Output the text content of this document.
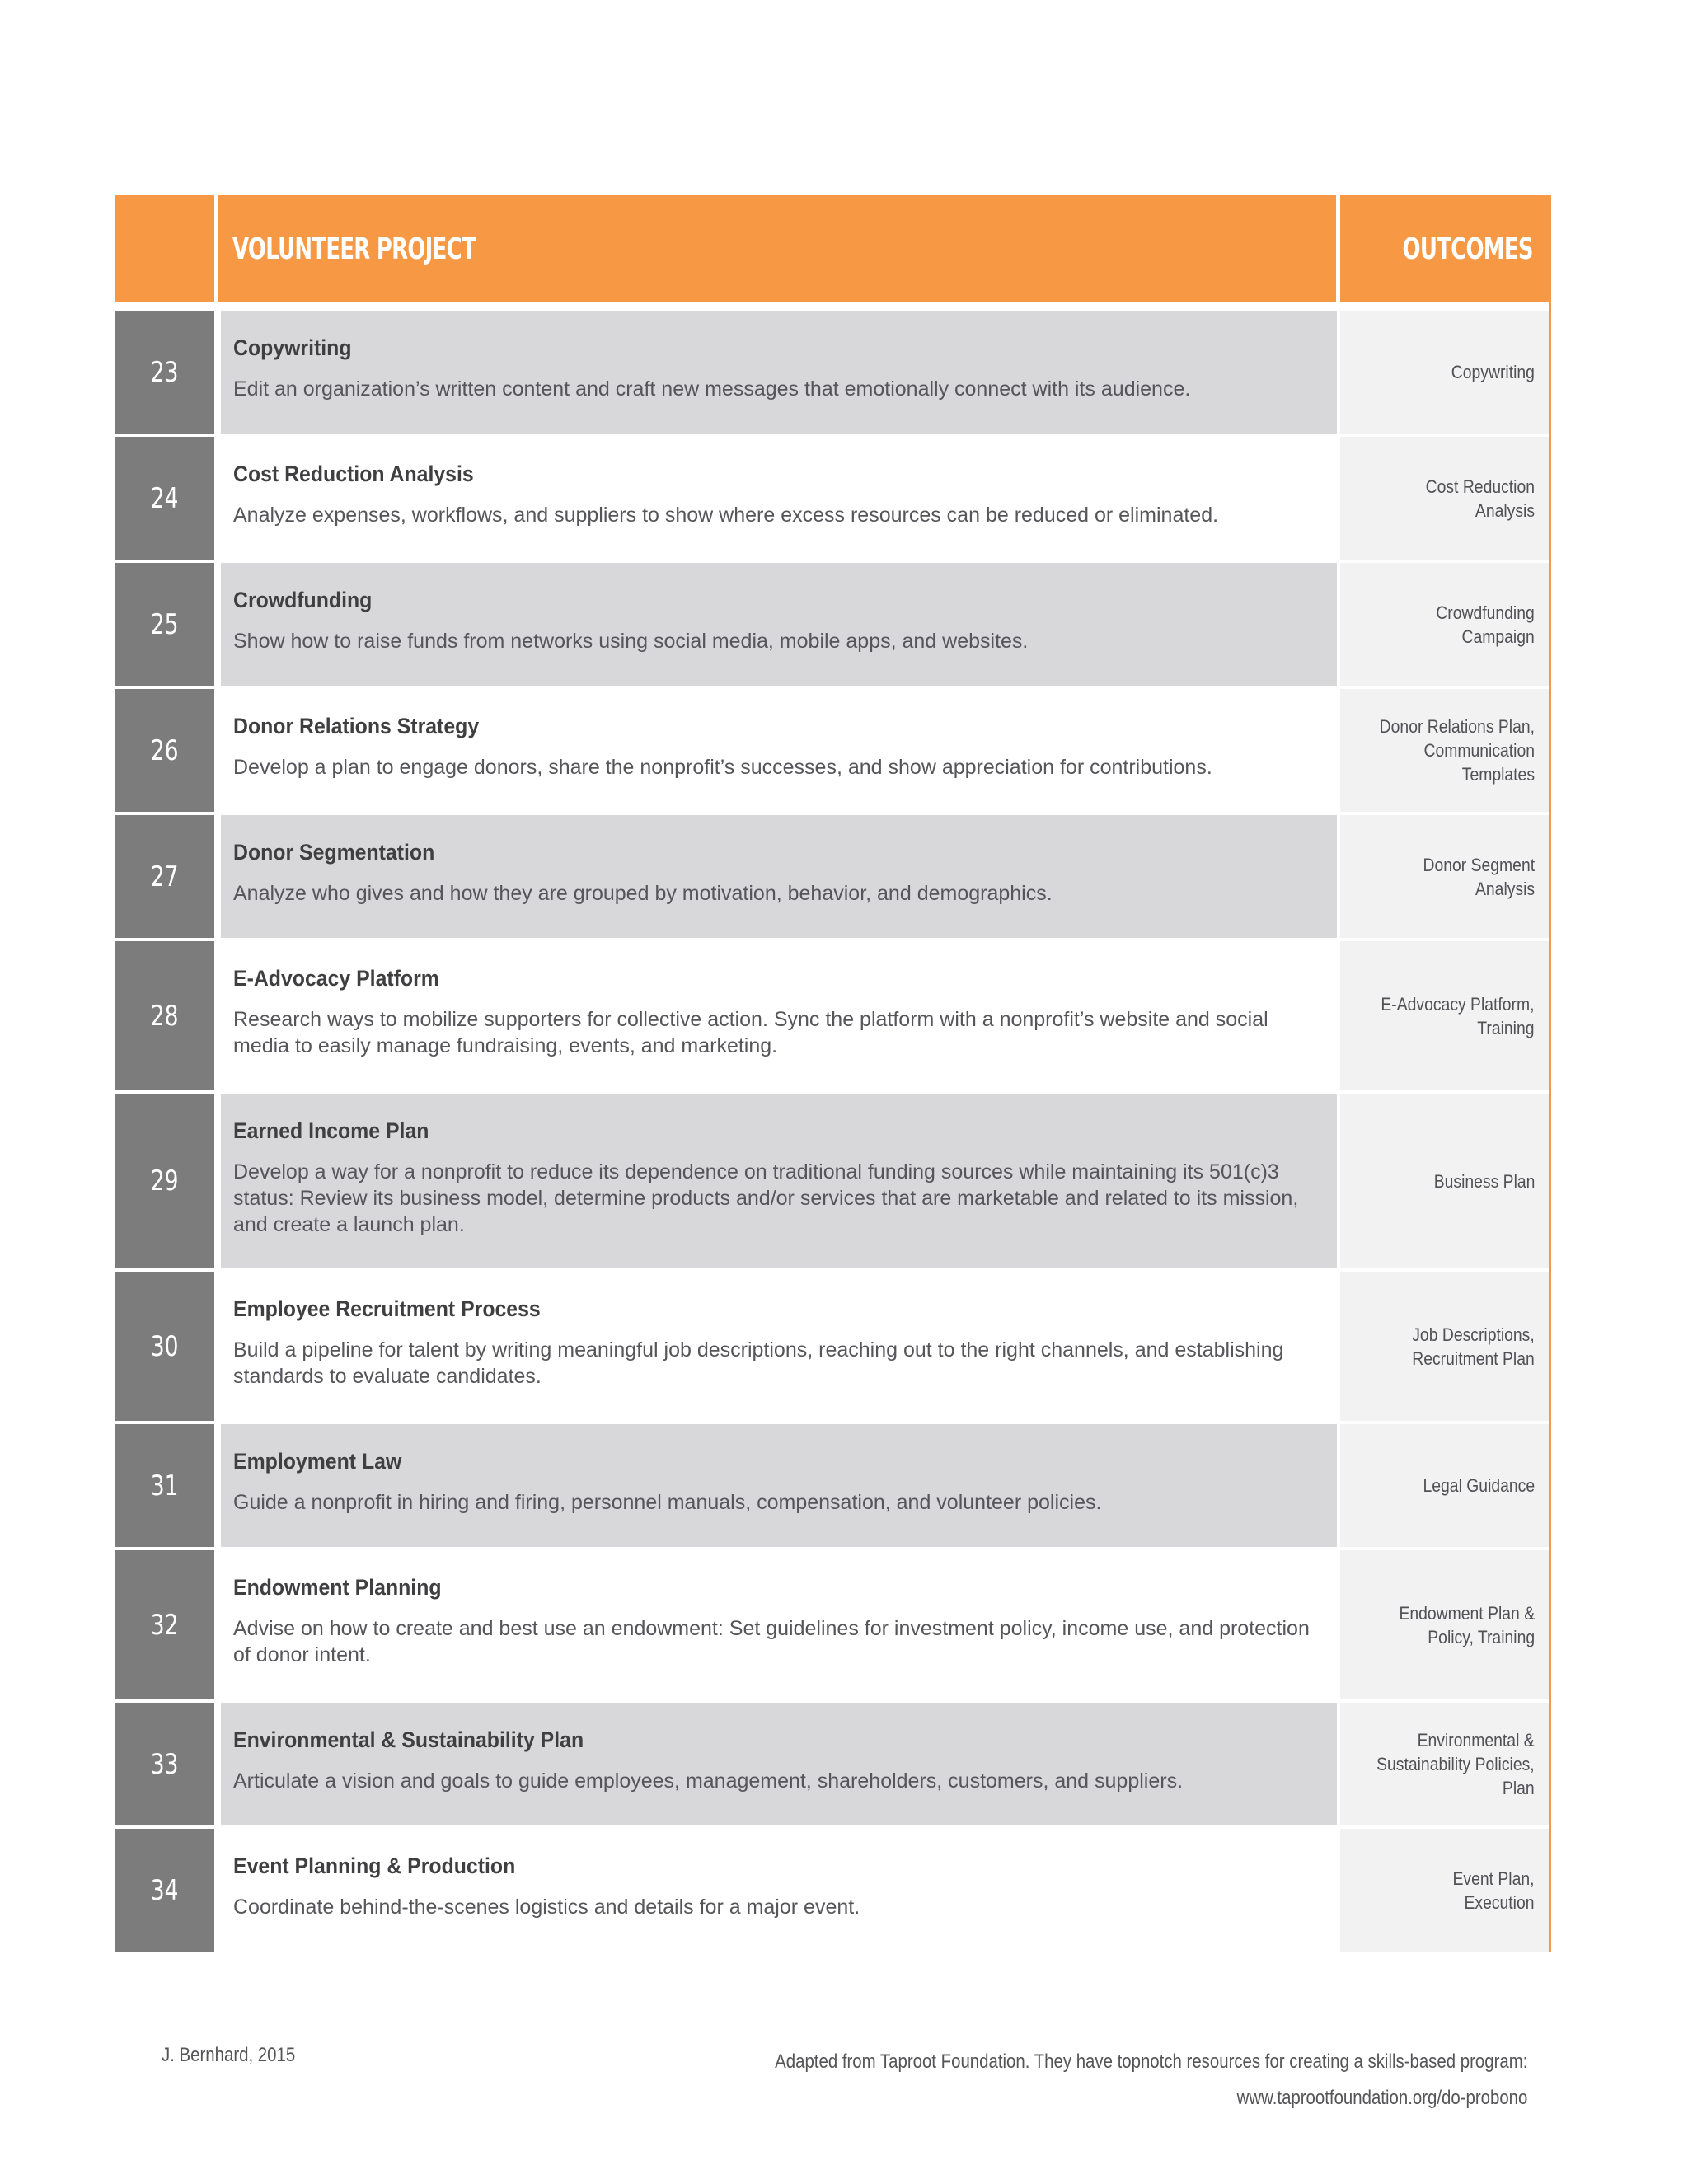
VOLUNTEER PROJECT	OUTCOMES
23
Copywriting
Edit an organization’s written content and craft new messages that emotionally connect with its audience.
Copywriting
24
Cost Reduction Analysis
Analyze expenses, workflows, and suppliers to show where excess resources can be reduced or eliminated.
Cost Reduction Analysis
25
Crowdfunding
Show how to raise funds from networks using social media, mobile apps, and websites.
Crowdfunding
Campaign
26
Donor Relations Strategy
Develop a plan to engage donors, share the nonprofit’s successes, and show appreciation for contributions.
Donor Relations Plan,
Communication
Templates
27
Donor Segmentation
Analyze who gives and how they are grouped by motivation, behavior, and demographics.
Donor Segment
Analysis
28
E-Advocacy Platform
Research ways to mobilize supporters for collective action. Sync the platform with a nonprofit’s website and social media to easily manage fundraising, events, and marketing.
E-Advocacy Platform,
Training
29
Earned Income Plan
Develop a way for a nonprofit to reduce its dependence on traditional funding sources while maintaining its 501(c)3 status: Review its business model, determine products and/or services that are marketable and related to its mission, and create a launch plan.
Business Plan
30
Employee Recruitment Process
Build a pipeline for talent by writing meaningful job descriptions, reaching out to the right channels, and establishing standards to evaluate candidates.
Job Descriptions,
Recruitment Plan
31
Employment Law
Guide a nonprofit in hiring and firing, personnel manuals, compensation, and volunteer policies.
Legal Guidance
32
Endowment Planning
Advise on how to create and best use an endowment: Set guidelines for investment policy, income use, and protection of donor intent.
Endowment Plan &
Policy, Training
33
Environmental & Sustainability Plan
Articulate a vision and goals to guide employees, management, shareholders, customers, and suppliers.
Environmental &
Sustainability Policies,
Plan
34
Event Planning & Production
Coordinate behind-the-scenes logistics and details for a major event.
Event Plan,
Execution
J. Bernhard, 2015	Adapted from Taproot Foundation. They have topnotch resources for creating a skills-based program:
www.taprootfoundation.org/do-probono
